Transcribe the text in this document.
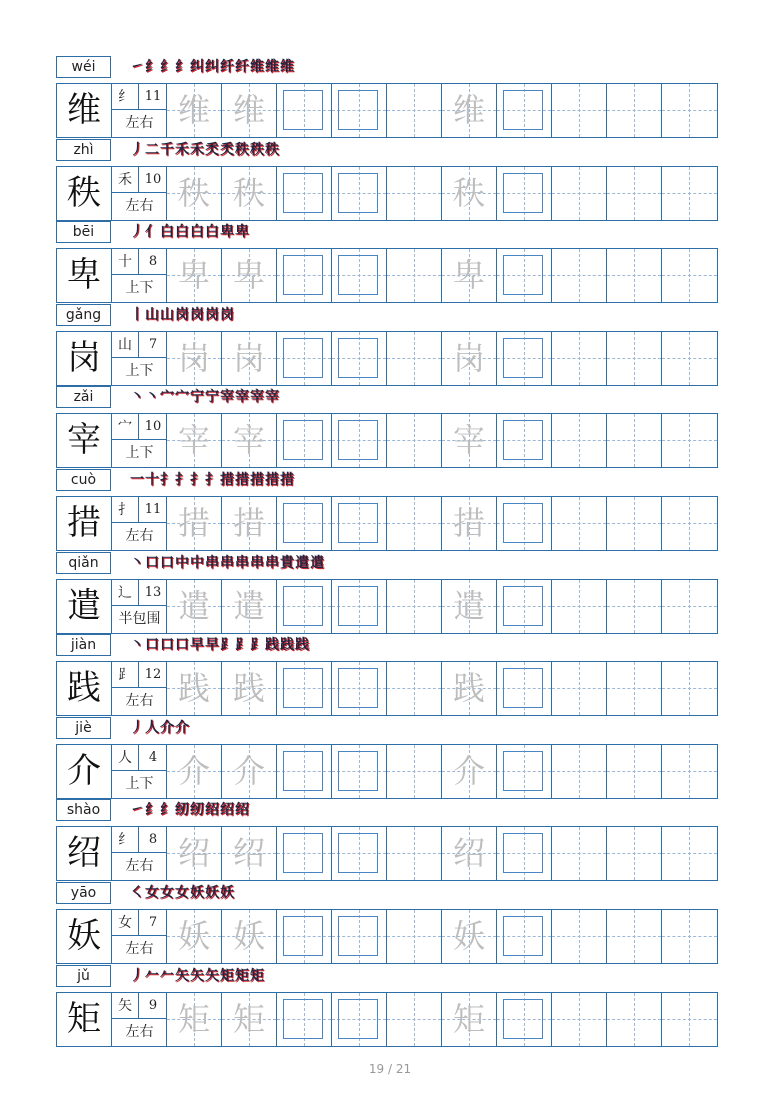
wéi	㇀ 纟 纟 纟 纠 纠 纤 纤 维 维 维
维	纟 11
左右 维 维	维
zhì	丿 二 千 禾 禾 秂 秂 秩 秩 秩
秩	禾 10
左右 秩 秩	秩
bēi	丿 亻 白 白 白 白 卑 卑
卑	十	8
上下 卑 卑	卑
gǎng	丨 山 山 岗 岗 岗 岗
岗	山	7
上下 岗 岗	岗
zǎi	丶 丶 宀 宀 宁 宁 宰 宰 宰 宰
宰	宀 10
上下 宰 宰	宰
cuò	一 十 扌 扌 扌 扌 措 措 措 措 措
措	扌 11
左右 措 措	措
qiǎn	丶 口 口 中 中 串 串 串 串 串 貴 遣 遣
遣	辶 13
半包围 遣 遣	遣
jiàn	丶 口 口 口 早 早 ⻊ ⻊ ⻊ 践 践 践
践	⻊ 12
左右 践 践	践
jiè	丿 人 介 介
介	人	4
上下 介 介	介
shào	㇀ 纟 纟 纫 纫 绍 绍 绍
绍	纟	8
左右 绍 绍	绍
yāo	㇛ 女 女 女 妖 妖 妖
妖	女	7
左右 妖 妖	妖
jǔ	丿 𠂉 𠂉 矢 矢 矢 矩 矩 矩
矩	矢	9
左右 矩 矩	矩
19 / 21
